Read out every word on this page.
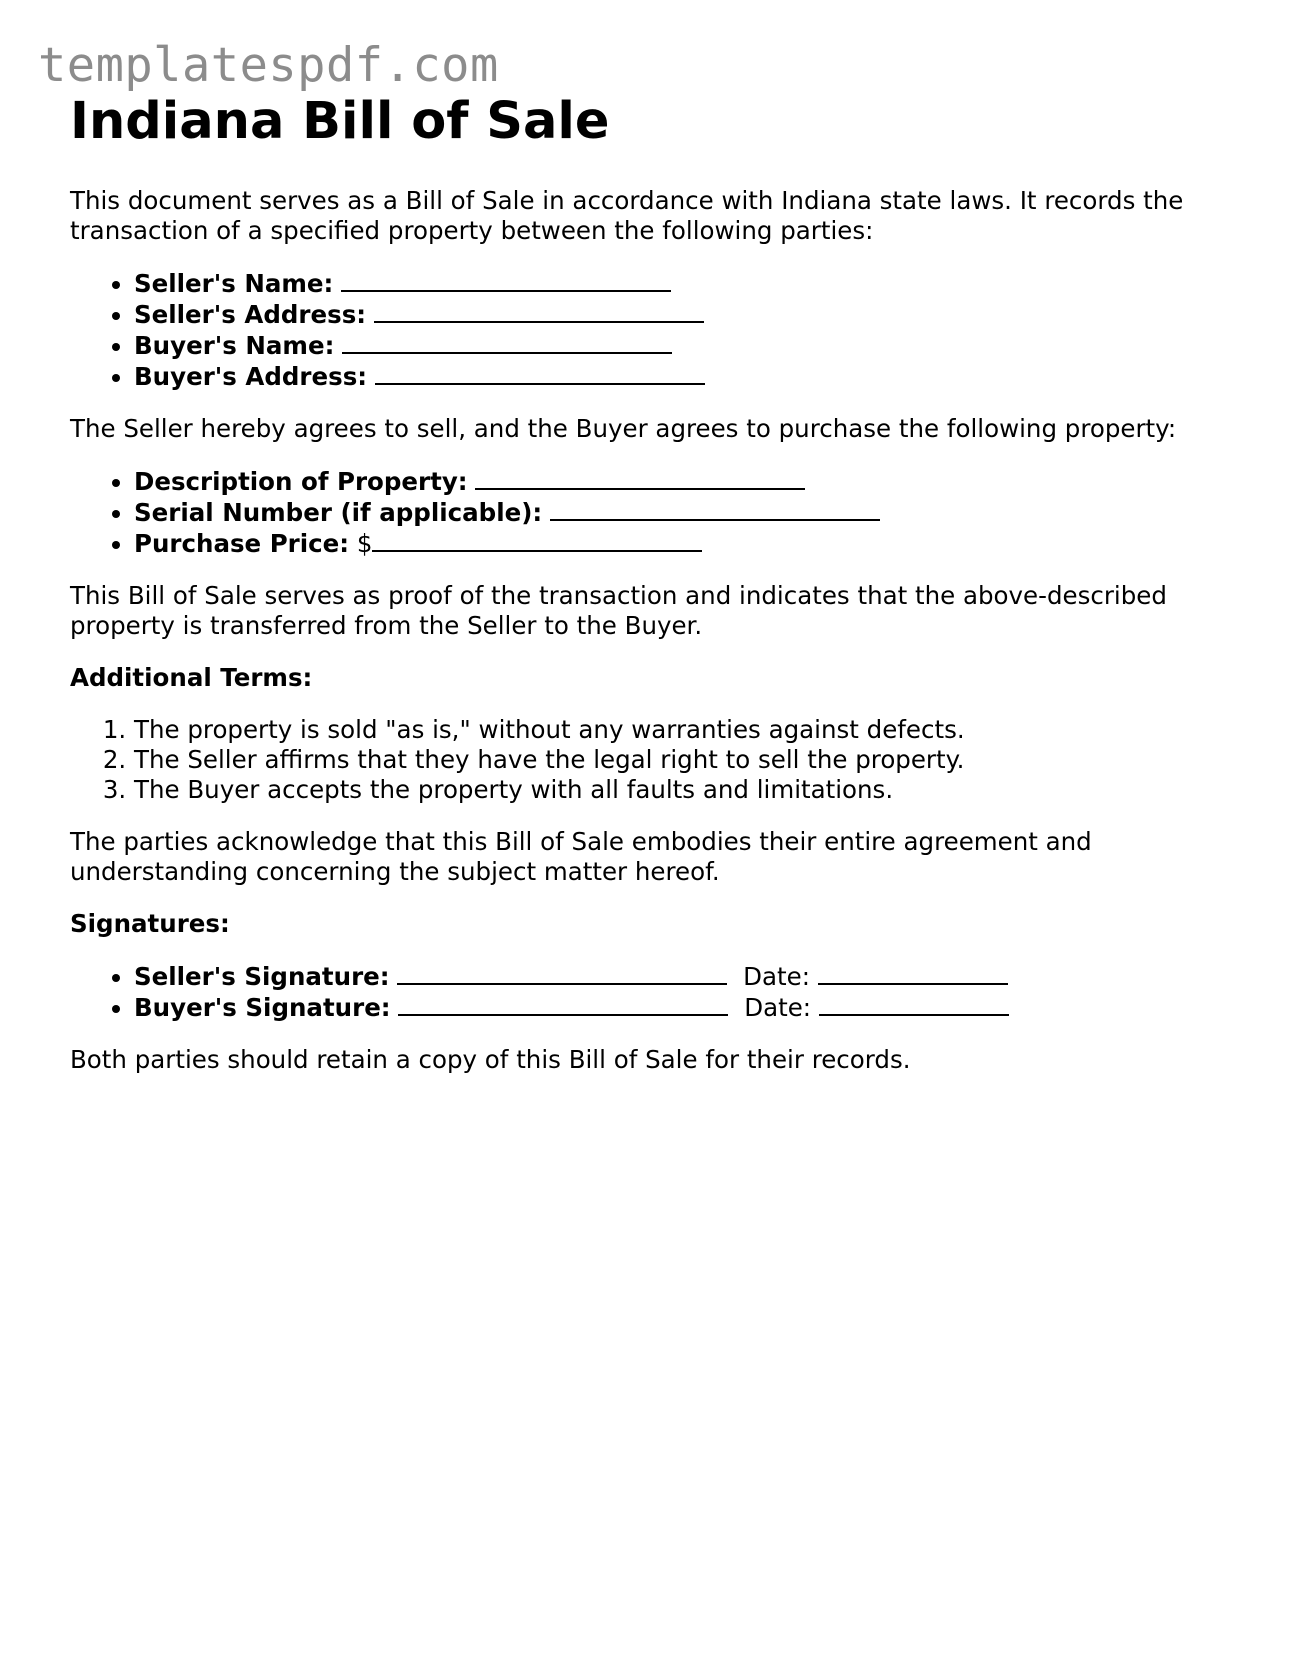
templatespdf.com
Indiana Bill of Sale

This document serves as a Bill of Sale in accordance with Indiana state laws. It records the transaction of a specified property between the following parties:

• Seller's Name:
• Seller's Address:
• Buyer's Name:
• Buyer's Address:

The Seller hereby agrees to sell, and the Buyer agrees to purchase the following property:

• Description of Property:
• Serial Number (if applicable):
• Purchase Price: $

This Bill of Sale serves as proof of the transaction and indicates that the above-described property is transferred from the Seller to the Buyer.

Additional Terms:
1. The property is sold "as is," without any warranties against defects.
2. The Seller affirms that they have the legal right to sell the property.
3. The Buyer accepts the property with all faults and limitations.

The parties acknowledge that this Bill of Sale embodies their entire agreement and understanding concerning the subject matter hereof.

Signatures:
• Seller's Signature:	Date:
• Buyer's Signature:	Date:

Both parties should retain a copy of this Bill of Sale for their records.
